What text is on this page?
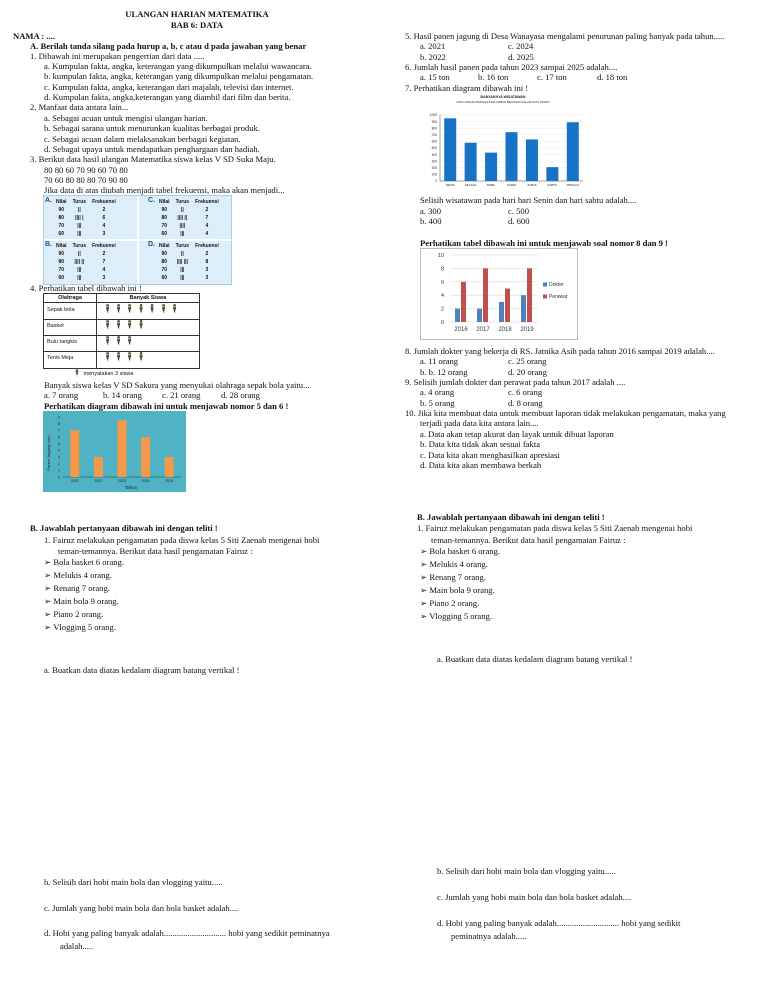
ULANGAN HARIAN MATEMATIKA
BAB 6: DATA
NAMA : ....
A. Berilah tanda silang pada hurup a, b, c atau d pada jawaban yang benar
1. Dibawah ini merupakan pengertian dari data .....
a. Kumpulan fakta, angka, keterangan yang dikumpulkan melalui wawancara.
b. kumpulan fakta, angka, keterangan yang dikumpulkan melalui pengamatan.
c. Kumpulan fakta, angka, keterangan dari majalah, televisi dan internet.
d. Kumpulan fakta, angka,keterangan yang diambil dari film dan berita.
2. Manfaat data antara lain...
a. Sebagai acuan untuk mengisi ulangan harian.
b. Sebagai sarana untuk menurunkan kualitas berbagai produk.
c. Sebagai acuan dalam melaksanakan berbagai kegiatan.
d. Sebagai upaya untuk mendapatkan penghargaan dan hadiah.
3. Berikut data hasil ulangan Matematika siswa kelas V SD Suka Maju.
80 80 60 70 90 60 70 80
70 60 80 80 80 70 90 80
Jika data di atas diubah menjadi tabel frekuensi, maka akan menjadi...
A. Nilai	Turus	Frekuensi
90	||	2
80	|||| |	6
70	|||	4
60	|||	3
C. Nilai	Turus	Frekuensi
90	||	2
80	|||| ||	7
70	||||	4
60	|||	4
B. Nilai	Turus	Frekuensi
90	||	2
80	|||| ||	7
70	|||	4
60	|||	3
D. Nilai	Turus	Frekuensi
90	||	2
80	|||| |||	8
70	|||	3
60	|||	3
4. Perhatikan tabel dibawah ini !
Olahraga	Banyak Siswa
Sepak bola	🕴🕴🕴🕴🕴🕴🕴
Basket	🕴🕴🕴🕴
Bulu tangkis	🕴🕴🕴
Tenis Meja	🕴🕴🕴🕴
🕴 menyatakan 3 siswa
Banyak siswa kelas V SD Sakura yang menyukai olahraga sepak bola yaitu...
a. 7 orang	b. 14 orang c. 21 orang d. 28 orang
Perhatikan diagram dibawah ini untuk menjawab nomor 5 dan 6 !
0
1
2
3
4
5
6
7
8
9
2021	2022	2023	2024	2025
Panen Jagung (ton)
Tahun
B. Jawablah pertanyaan dibawah ini dengan teliti !
1. Fairuz melakukan pengamatan pada diswa kelas 5 Siti Zaenab mengenai hobi
teman-temannya. Berikut data hasil pengamatan Fairuz :
➢ Bola basket 6 orang.
➢ Melukis 4 orang.
➢ Renang 7 orang.
➢ Main bola 9 orang.
➢ Piano 2 orang.
➢ Vlogging 5 orang.
a. Buatkan data diatas kedalam diagram batang vertikal !
b. Selisih dari hobi main bola dan vlogging yaitu.....
c. Jumlah yang hobi main bola dan bola basket adalah....
d. Hobi yang paling banyak adalah............................. hobi yang sedikit peminatnya
adalah.....
5. Hasil panen jagung di Desa Wanayasa mengalami penurunan paling banyak pada tahun.....
a. 2021	c. 2024
b. 2022	d. 2025
6. Jumlah hasil panen pada tahun 2023 sampai 2025 adalah....
a. 15 ton	b. 16 ton	c. 17 ton	d. 18 ton
7. Perhatikan diagram dibawah ini !
BANYAKNYA WISATAWAN
DATA JUMLAH PENGUNJUNG KEBUN BINATANG DALAM SATU PEKAN
0
100
200
300
400
500
600
700
800
900
1000
SENIN	SELASA	RABU	KAMIS	JUMAT	SABTU	MINGGU
Selisih wisatawan pada hari hari Senin dan hari sabtu adalah....
a. 300	c. 500
b. 400	d. 600
Perhatikan tabel dibawah ini untuk menjawab soal nomor 8 dan 9 !
0
2
4
6
8
10
2016 2017 2018 2019
Dokter
Perawat
8. Jumlah dokter yang bekerja di RS. Jatnika Asih pada tahun 2016 sampai 2019 adalah....
a. 11 orang	c. 25 orang
b. b. 12 orang	d. 20 orang
9. Selisih jumlah dokter dan perawat pada tahun 2017 adalah ....
a. 4 orang	c. 6 orang
b. 5 orang	d. 8 orang
10. Jika kita membuat data untuk membuat laporan tidak melakukan pengamatan, maka yang
terjadi pada data kita antara lain....
a. Data akan tetap akurat dan layak untuk dibuat laporan
b. Data kita tidak akan sesuai fakta
c. Data kita akan menghasilkan apresiasi
d. Data kita akan membawa berkah
B. Jawablah pertanyaan dibawah ini dengan teliti !
1. Fairuz melakukan pengamatan pada diswa kelas 5 Siti Zaenab mengenai hobi
teman-temannya. Berikut data hasil pengamatan Fairuz :
➢ Bola basket 6 orang.
➢ Melukis 4 orang.
➢ Renang 7 orang.
➢ Main bola 9 orang.
➢ Piano 2 orang.
➢ Vlogging 5 orang.
a. Buatkan data diatas kedalam diagram batang vertikal !
b. Selisih dari hobi main bola dan vlogging yaitu.....
c. Jumlah yang hobi main bola dan bola basket adalah....
d. Hobi yang paling banyak adalah............................. hobi yang sedikit
peminatnya adalah.....
